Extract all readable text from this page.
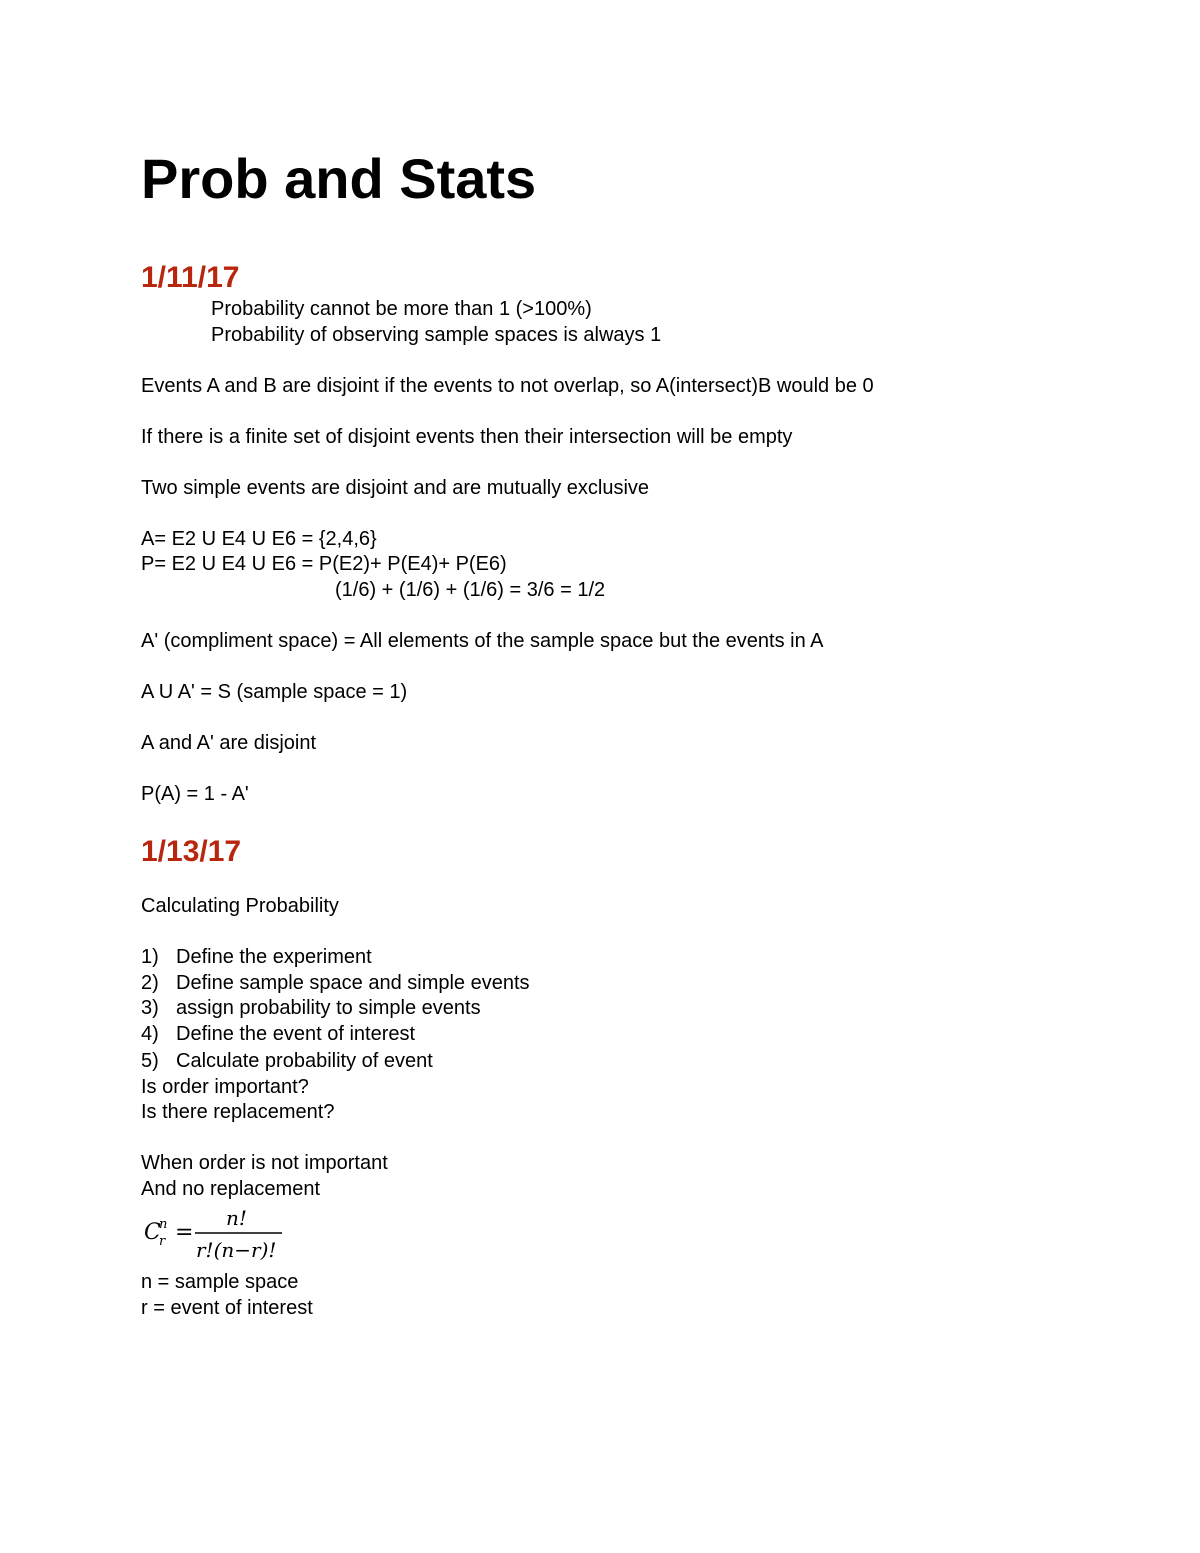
Prob and Stats
1/11/17
Probability cannot be more than 1 (>100%)
Probability of observing sample spaces is always 1
Events A and B are disjoint if the events to not overlap, so A(intersect)B would be 0
If there is a finite set of disjoint events then their intersection will be empty
Two simple events are disjoint and are mutually exclusive
A= E2 U E4 U E6 = {2,4,6}
P= E2 U E4 U E6 = P(E2)+ P(E4)+ P(E6)
(1/6) + (1/6) + (1/6) = 3/6 = 1/2
A' (compliment space) = All elements of the sample space but the events in A
A U A' = S (sample space = 1)
A and A' are disjoint
P(A) = 1 - A'
1/13/17
Calculating Probability
1) Define the experiment
2) Define sample space and simple events
3) assign probability to simple events
4) Define the event of interest
5) Calculate probability of event
Is order important?
Is there replacement?
When order is not important
And no replacement
C
n
r =
n!
r!(n−r)!
n = sample space
r = event of interest
